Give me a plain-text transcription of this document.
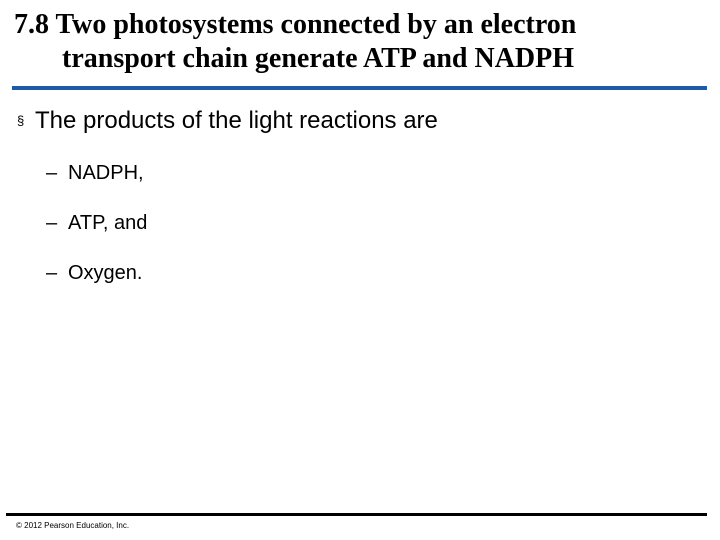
7.8 Two photosystems connected by an electron
transport chain generate ATP and NADPH
§ The products of the light reactions are
– NADPH,
– ATP, and
– Oxygen.
© 2012 Pearson Education, Inc.
